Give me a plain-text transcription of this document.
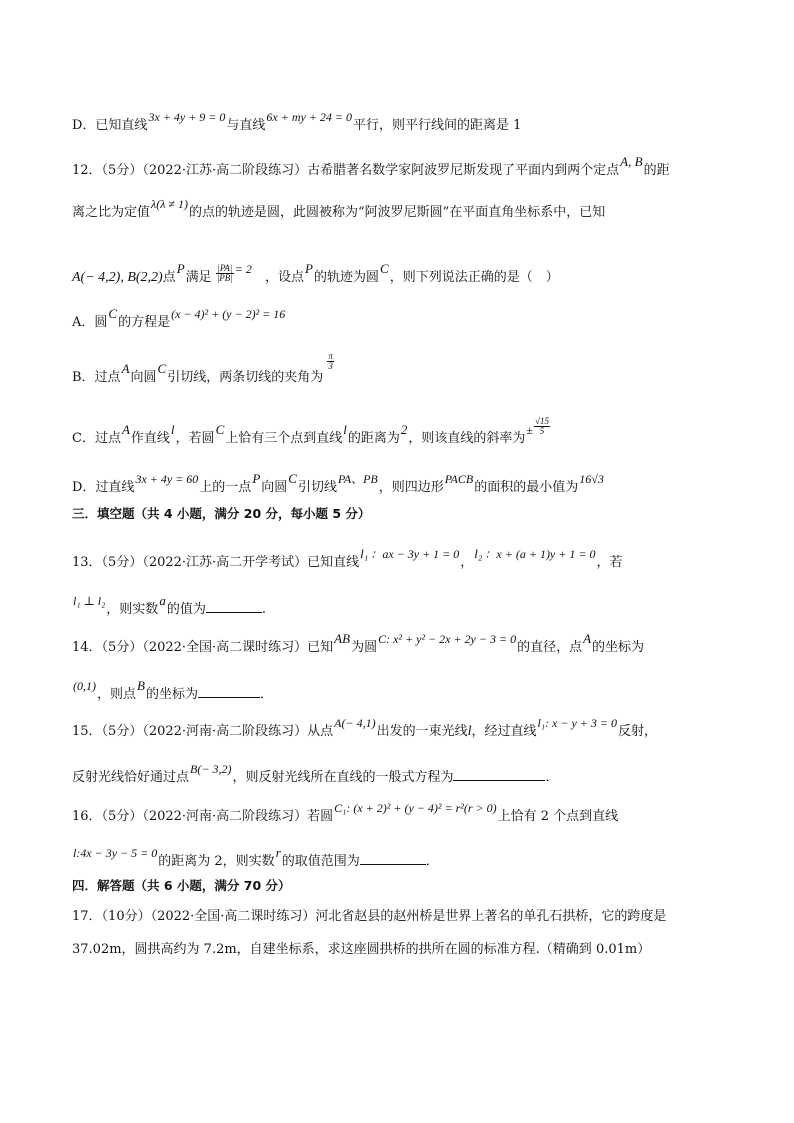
D．已知直线3x + 4y + 9 = 0与直线6x + my + 24 = 0平行，则平行线间的距离是 1
12．（5分）（2022·江苏·高二阶段练习）古希腊著名数学家阿波罗尼斯发现了平面内到两个定点A, B的距
离之比为定值λ(λ ≠ 1)的点的轨迹是圆，此圆被称为“阿波罗尼斯圆”在平面直角坐标系中，已知
A(− 4,2), B(2,2)点P满足 $\frac{|PA|}{|PB|} = 2$ ，设点P的轨迹为圆C，则下列说法正确的是（　）
A．圆C的方程是(x − 4)² + (y − 2)² = 16
B．过点A向圆C引切线，两条切线的夹角为
$\frac{\pi}{3}$
C．过点A作直线l，若圆C上恰有三个点到直线l的距离为2，则该直线的斜率为± $\frac{√15}{5}$
D．过直线3x + 4y = 60上的一点P向圆C引切线PA、PB，则四边形PACB的面积的最小值为16√3
三．填空题（共 4 小题，满分 20 分，每小题 5 分）
13．（5分）（2022·江苏·高二开学考试）已知直线l₁ ：ax − 3y + 1 = 0，l₂ ：x + (a + 1)y + 1 = 0，若
l₁ ⊥ l₂，则实数a的值为	.
14．（5分）（2022·全国·高二课时练习）已知AB为圆C: x² + y² − 2x + 2y − 3 = 0的直径，点A的坐标为
(0,1)，则点B的坐标为	．
15．（5分）（2022·河南·高二阶段练习）从点A(− 4,1)出发的一束光线l，经过直线l₁: x − y + 3 = 0反射，
反射光线恰好通过点B(− 3,2)，则反射光线所在直线的一般式方程为	．
16．（5分）（2022·河南·高二阶段练习）若圆C₁: (x + 2)² + (y − 4)² = r²(r > 0)上恰有 2 个点到直线
l:4x − 3y − 5 = 0的距离为 2，则实数r的取值范围为	．
四．解答题（共 6 小题，满分 70 分）
17．（10分）（2022·全国·高二课时练习）河北省赵县的赵州桥是世界上著名的单孔石拱桥，它的跨度是
37.02m，圆拱高约为 7.2m，自建坐标系，求这座圆拱桥的拱所在圆的标准方程.（精确到 0.01m）
